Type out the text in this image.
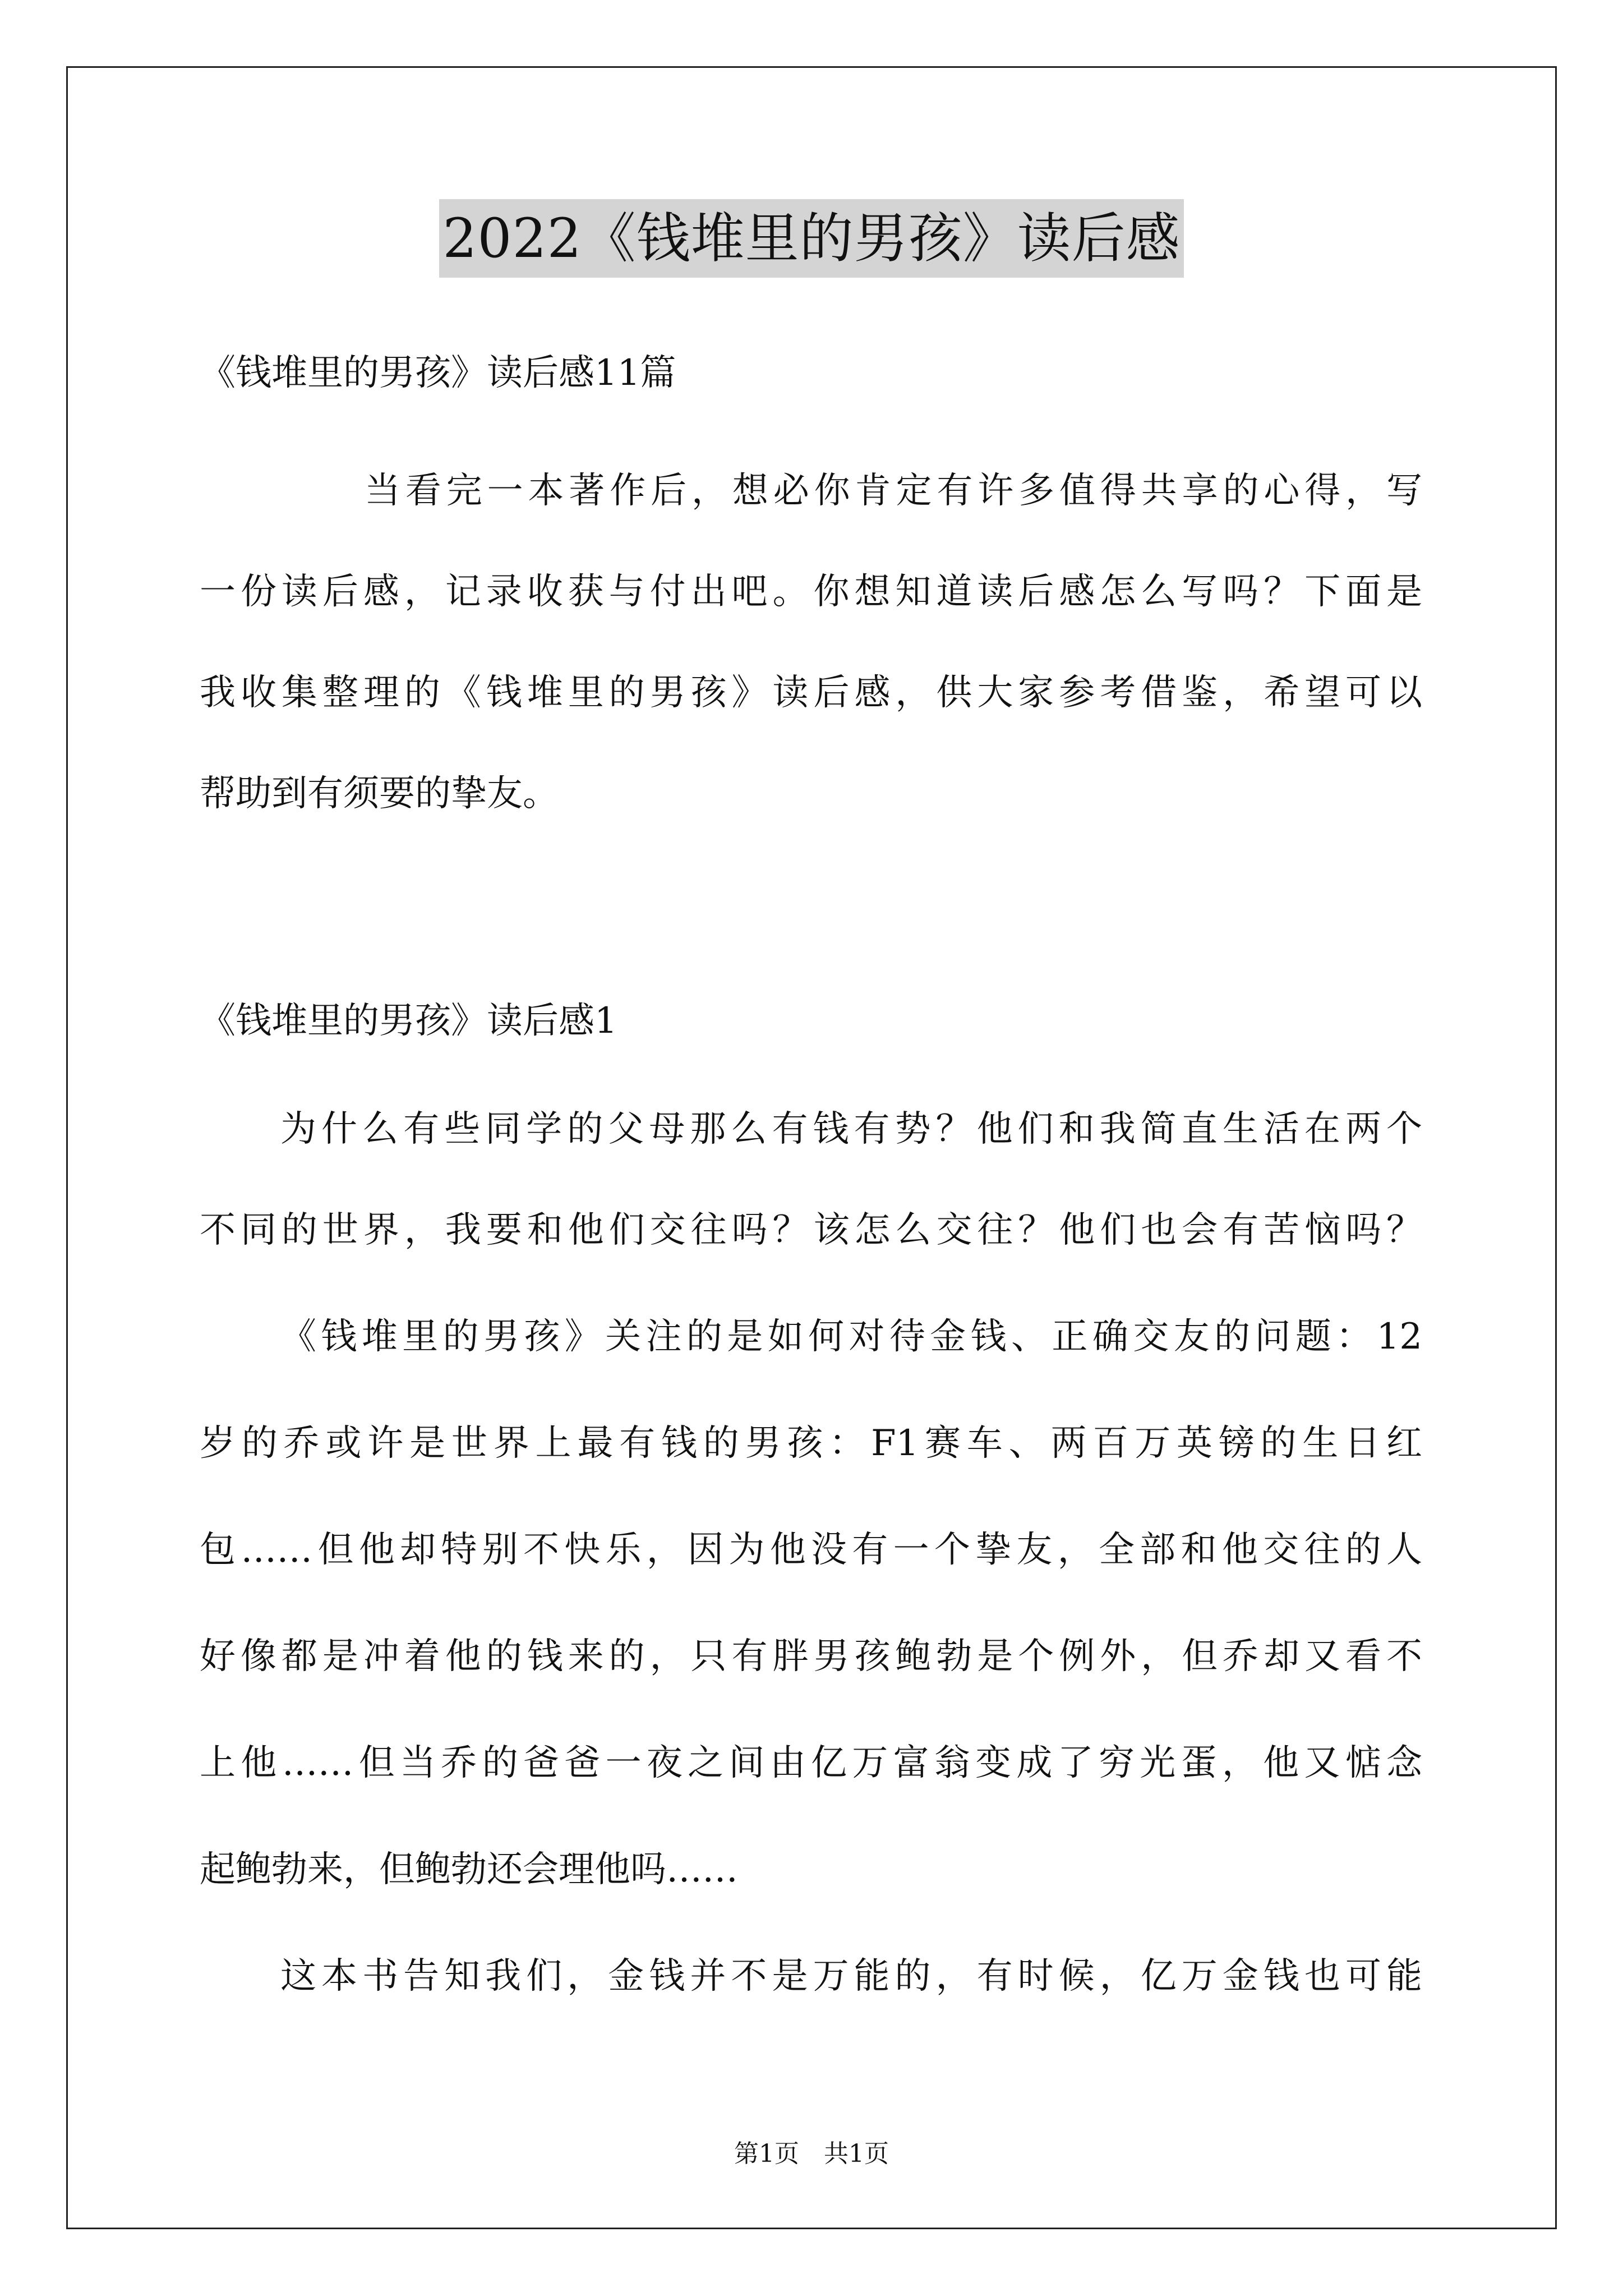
2022《钱堆里的男孩》读后感
《钱堆里的男孩》读后感11篇
当看完一本著作后，想必你肯定有许多值得共享的心得，写
一份读后感，记录收获与付出吧。你想知道读后感怎么写吗？下面是
我收集整理的《钱堆里的男孩》读后感，供大家参考借鉴，希望可以
帮助到有须要的挚友。
《钱堆里的男孩》读后感1
为什么有些同学的父母那么有钱有势？他们和我简直生活在两个
不同的世界，我要和他们交往吗？该怎么交往？他们也会有苦恼吗？
《钱堆里的男孩》关注的是如何对待金钱、正确交友的问题：12
岁的乔或许是世界上最有钱的男孩：F1赛车、两百万英镑的生日红
包……但他却特别不快乐，因为他没有一个挚友，全部和他交往的人
好像都是冲着他的钱来的，只有胖男孩鲍勃是个例外，但乔却又看不
上他……但当乔的爸爸一夜之间由亿万富翁变成了穷光蛋，他又惦念
起鲍勃来，但鲍勃还会理他吗……
这本书告知我们，金钱并不是万能的，有时候，亿万金钱也可能
第1页　共1页
